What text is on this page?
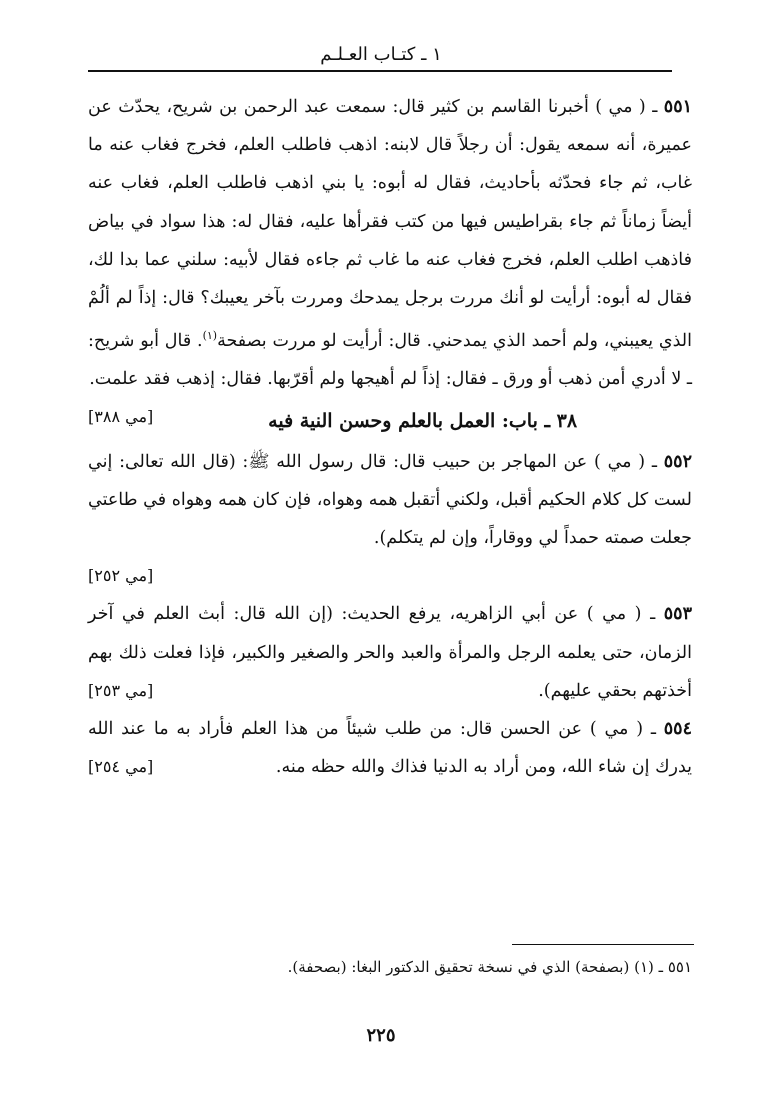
١ ـ كتـاب العـلـم

٥٥١ ـ ( مي ) أخبرنا القاسم بن كثير قال: سمعت عبد الرحمن بن شريح، يحدّث عن عميرة، أنه سمعه يقول: أن رجلاً قال لابنه: اذهب فاطلب العلم، فخرج فغاب عنه ما غاب، ثم جاء فحدّثه بأحاديث، فقال له أبوه: يا بني اذهب فاطلب العلم، فغاب عنه أيضاً زماناً ثم جاء بقراطيس فيها من كتب فقرأها عليه، فقال له: هذا سواد في بياض فاذهب اطلب العلم، فخرج فغاب عنه ما غاب ثم جاءه فقال لأبيه: سلني عما بدا لك، فقال له أبوه: أرأيت لو أنك مررت برجل يمدحك ومررت بآخر يعيبك؟ قال: إذاً لم ألُمْ الذي يعيبني، ولم أحمد الذي يمدحني. قال: أرأيت لو مررت بصفحة$^{(١)}$. قال أبو شريح: ـ لا أدري أمن ذهب أو ورق ـ فقال: إذاً لم أهيجها ولم أقرّبها. فقال: إذهب فقد علمت.
[مي ٣٨٨]	٣٨ ـ باب: العمل بالعلم وحسن النية فيه

٥٥٢ ـ ( مي ) عن المهاجر بن حبيب قال: قال رسول الله ﷺ: (قال الله تعالى: إني لست كل كلام الحكيم أقبل، ولكني أتقبل همه وهواه، فإن كان همه وهواه في طاعتي جعلت صمته حمداً لي ووقاراً، وإن لم يتكلم).
[مي ٢٥٢]

٥٥٣ ـ ( مي ) عن أبي الزاهريه، يرفع الحديث: (إن الله قال: أبث العلم في آخر الزمان، حتى يعلمه الرجل والمرأة والعبد والحر والصغير والكبير، فإذا فعلت ذلك بهم أخذتهم بحقي عليهم).
[مي ٢٥٣]

٥٥٤ ـ ( مي ) عن الحسن قال: من طلب شيئاً من هذا العلم فأراد به ما عند الله يدرك إن شاء الله، ومن أراد به الدنيا فذاك والله حظه منه.
[مي ٢٥٤]

٥٥١ ـ (١) (بصفحة) الذي في نسخة تحقيق الدكتور البغا: (بصحفة).
٢٢٥
